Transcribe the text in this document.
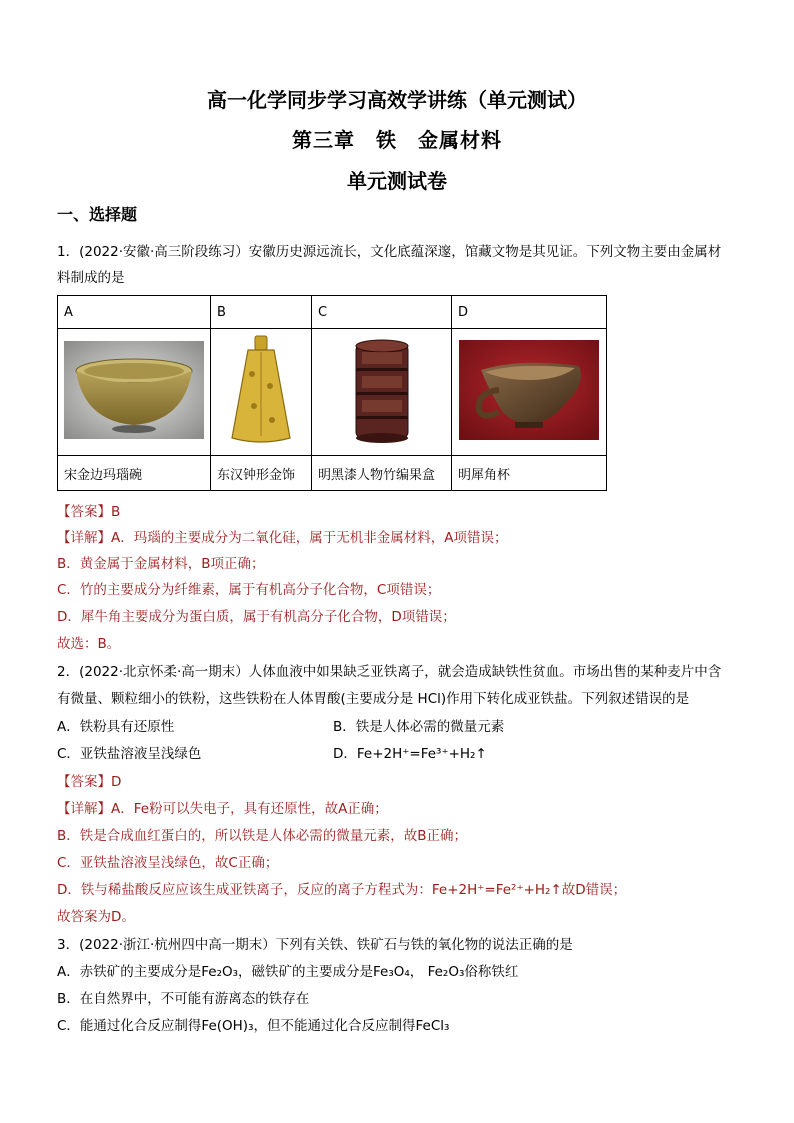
高一化学同步学习高效学讲练（单元测试）
第三章　铁　金属材料
单元测试卷
一、选择题
1．(2022·安徽·高三阶段练习）安徽历史源远流长，文化底蕴深邃，馆藏文物是其见证。下列文物主要由金属材
料制成的是
A	B	C	D

宋金边玛瑙碗	东汉钟形金饰	明黑漆人物竹编果盒	明犀角杯
【答案】B
【详解】A．玛瑙的主要成分为二氧化硅，属于无机非金属材料，A项错误；
B．黄金属于金属材料，B项正确；
C．竹的主要成分为纤维素，属于有机高分子化合物，C项错误；
D．犀牛角主要成分为蛋白质，属于有机高分子化合物，D项错误；
故选：B。
2．(2022·北京怀柔·高一期末）人体血液中如果缺乏亚铁离子，就会造成缺铁性贫血。市场出售的某种麦片中含
有微量、颗粒细小的铁粉，这些铁粉在人体胃酸(主要成分是 HCl)作用下转化成亚铁盐。下列叙述错误的是
A．铁粉具有还原性	B．铁是人体必需的微量元素
C．亚铁盐溶液呈浅绿色	D．Fe+2H⁺=Fe³⁺+H₂↑
【答案】D
【详解】A．Fe粉可以失电子，具有还原性，故A正确；
B．铁是合成血红蛋白的，所以铁是人体必需的微量元素，故B正确；
C．亚铁盐溶液呈浅绿色，故C正确；
D．铁与稀盐酸反应应该生成亚铁离子，反应的离子方程式为：Fe+2H⁺=Fe²⁺+H₂↑故D错误；
故答案为D。
3．(2022·浙江·杭州四中高一期末）下列有关铁、铁矿石与铁的氧化物的说法正确的是
A．赤铁矿的主要成分是Fe₂O₃，磁铁矿的主要成分是Fe₃O₄， Fe₂O₃俗称铁红
B．在自然界中，不可能有游离态的铁存在
C．能通过化合反应制得Fe(OH)₃，但不能通过化合反应制得FeCl₃
